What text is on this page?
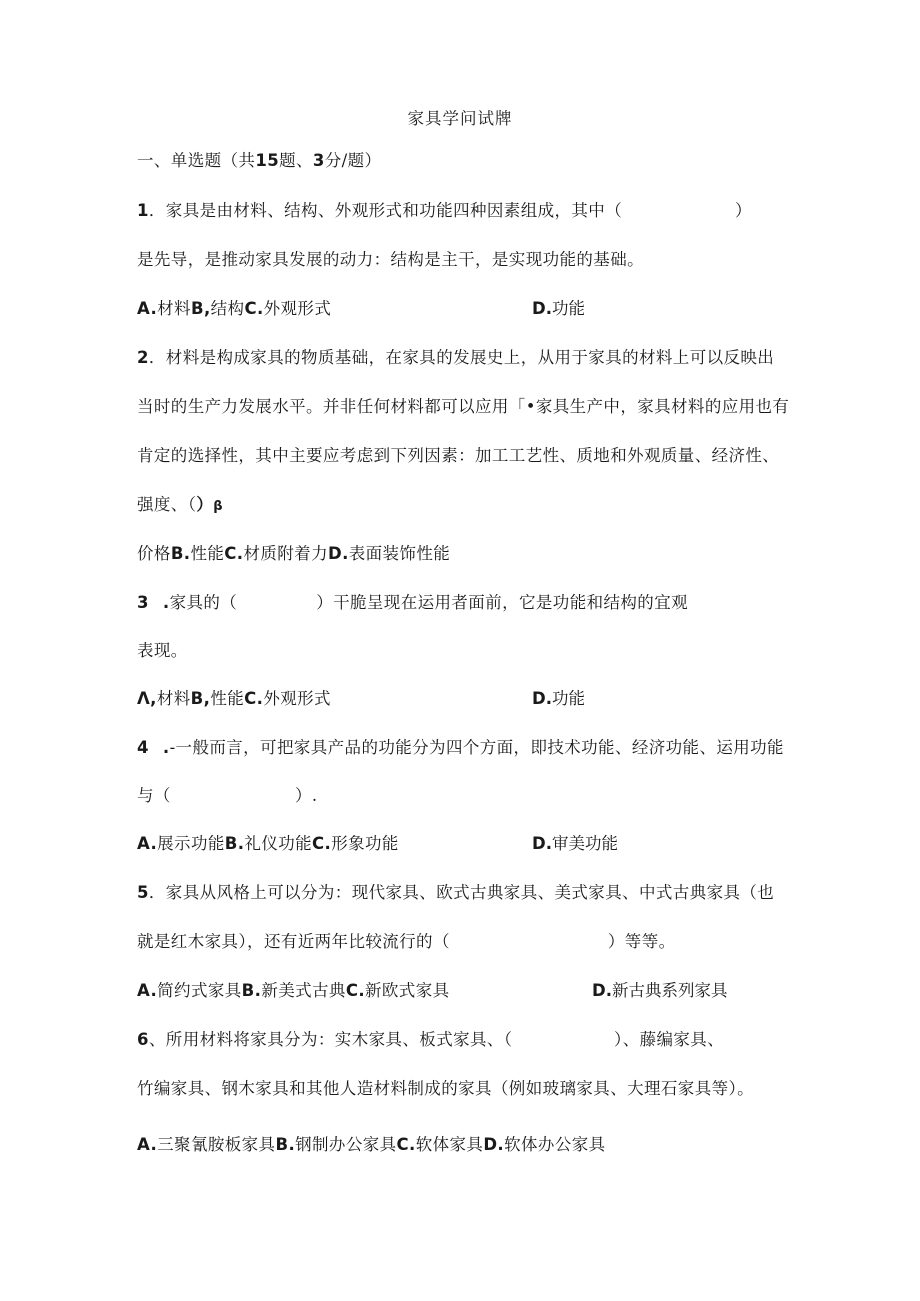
家具学问试牌
一、单选题（共15题、3分/题）
1．家具是由材料、结构、外观形式和功能四种因素组成，其中（                    ）
是先导，是推动家具发展的动力：结构是主干，是实现功能的基础。
A.材料B,结构C.外观形式	D.功能
2．材料是构成家具的物质基础，在家具的发展史上，从用于家具的材料上可以反映出
当时的生产力发展水平。并非任何材料都可以应用「•家具生产中，家具材料的应用也有
肯定的选择性，其中主要应考虑到下列因素：加工工艺性、质地和外观质量、经济性、
强度、（）β
价格B.性能C.材质附着力D.表面装饰性能
3 .家具的（              ）干脆呈现在运用者面前，它是功能和结构的宜观
表现。
Λ,材料B,性能C.外观形式	D.功能
4 .-一般而言，可把家具产品的功能分为四个方面，即技术功能、经济功能、运用功能
与（                      ）.
A.展示功能B.礼仪功能C.形象功能	D.审美功能
5．家具从风格上可以分为：现代家具、欧式古典家具、美式家具、中式古典家具（也
就是红木家具），还有近两年比较流行的（                            ）等等。
A.简约式家具B.新美式古典C.新欧式家具	D.新古典系列家具
6、所用材料将家具分为：实木家具、板式家具、（                  ）、藤编家具、
竹编家具、钢木家具和其他人造材料制成的家具（例如玻璃家具、大理石家具等）。
A.三聚氰胺板家具B.钢制办公家具C.软体家具D.软体办公家具
